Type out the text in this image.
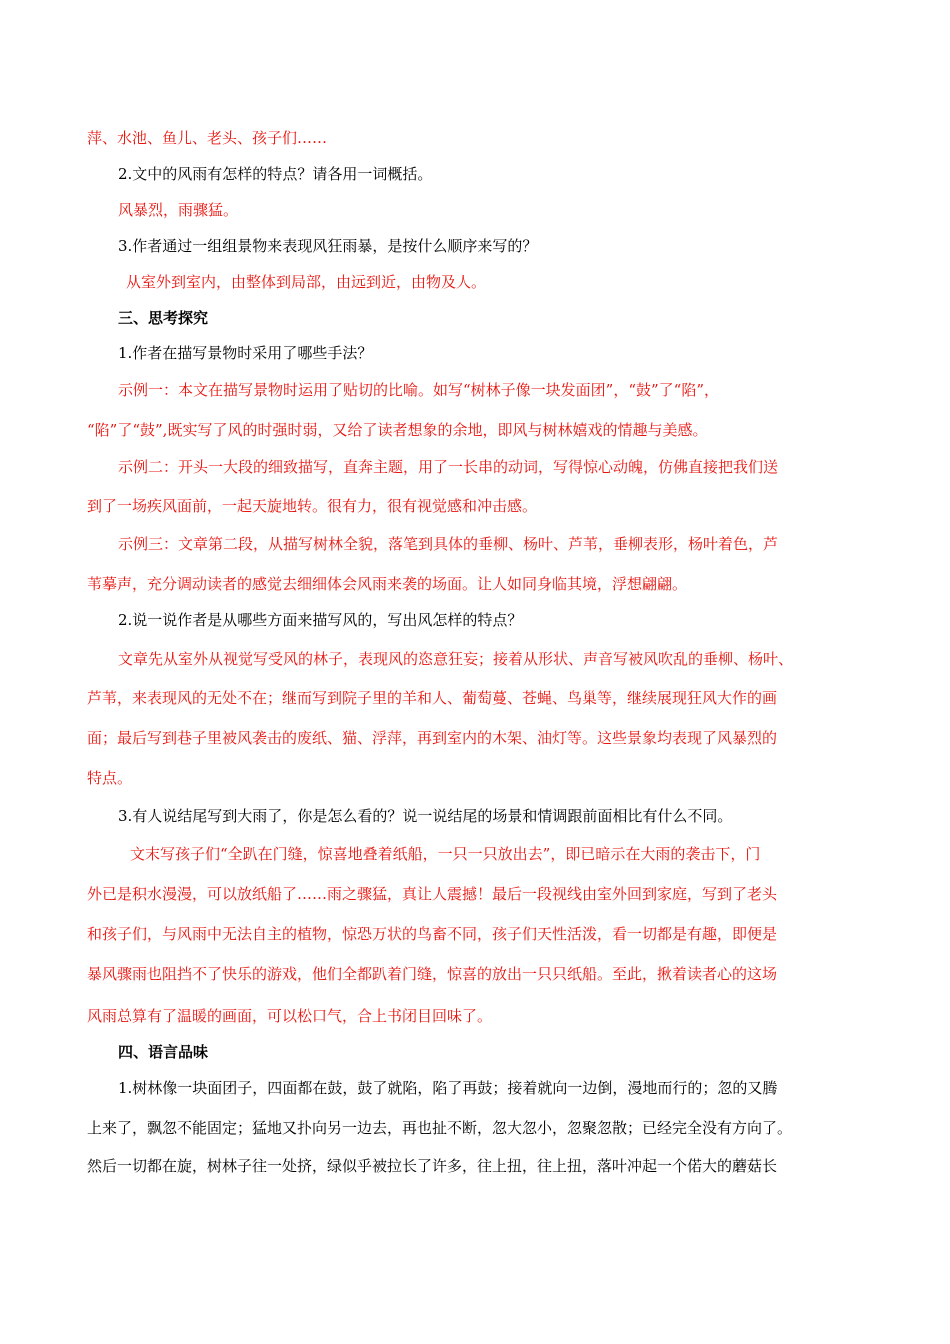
萍、水池、鱼儿、老头、孩子们……
2.文中的风雨有怎样的特点？请各用一词概括。
风暴烈，雨骤猛。
3.作者通过一组组景物来表现风狂雨暴，是按什么顺序来写的？
从室外到室内，由整体到局部，由远到近，由物及人。
三、思考探究
1.作者在描写景物时采用了哪些手法？
示例一：本文在描写景物时运用了贴切的比喻。如写“树林子像一块发面团”，“鼓”了“陷”，
“陷”了“鼓”,既实写了风的时强时弱，又给了读者想象的余地，即风与树林嬉戏的情趣与美感。
示例二：开头一大段的细致描写，直奔主题，用了一长串的动词，写得惊心动魄，仿佛直接把我们送
到了一场疾风面前，一起天旋地转。很有力，很有视觉感和冲击感。
示例三：文章第二段，从描写树林全貌，落笔到具体的垂柳、杨叶、芦苇，垂柳表形，杨叶着色，芦
苇摹声，充分调动读者的感觉去细细体会风雨来袭的场面。让人如同身临其境，浮想翩翩。
2.说一说作者是从哪些方面来描写风的，写出风怎样的特点？
文章先从室外从视觉写受风的林子，表现风的恣意狂妄；接着从形状、声音写被风吹乱的垂柳、杨叶、
芦苇，来表现风的无处不在；继而写到院子里的羊和人、葡萄蔓、苍蝇、鸟巢等，继续展现狂风大作的画
面；最后写到巷子里被风袭击的废纸、猫、浮萍，再到室内的木架、油灯等。这些景象均表现了风暴烈的
特点。
3.有人说结尾写到大雨了，你是怎么看的？说一说结尾的场景和情调跟前面相比有什么不同。
文末写孩子们“全趴在门缝，惊喜地叠着纸船，一只一只放出去”，即已暗示在大雨的袭击下，门
外已是积水漫漫，可以放纸船了……雨之骤猛，真让人震撼！最后一段视线由室外回到家庭，写到了老头
和孩子们，与风雨中无法自主的植物，惊恐万状的鸟畜不同，孩子们天性活泼，看一切都是有趣，即便是
暴风骤雨也阻挡不了快乐的游戏，他们全都趴着门缝，惊喜的放出一只只纸船。至此，揪着读者心的这场
风雨总算有了温暖的画面，可以松口气，合上书闭目回味了。
四、语言品味
1.树林像一块面团子，四面都在鼓，鼓了就陷，陷了再鼓；接着就向一边倒，漫地而行的；忽的又腾
上来了，飘忽不能固定；猛地又扑向另一边去，再也扯不断，忽大忽小，忽聚忽散；已经完全没有方向了。
然后一切都在旋，树林子往一处挤，绿似乎被拉长了许多，往上扭，往上扭，落叶冲起一个偌大的蘑菇长
